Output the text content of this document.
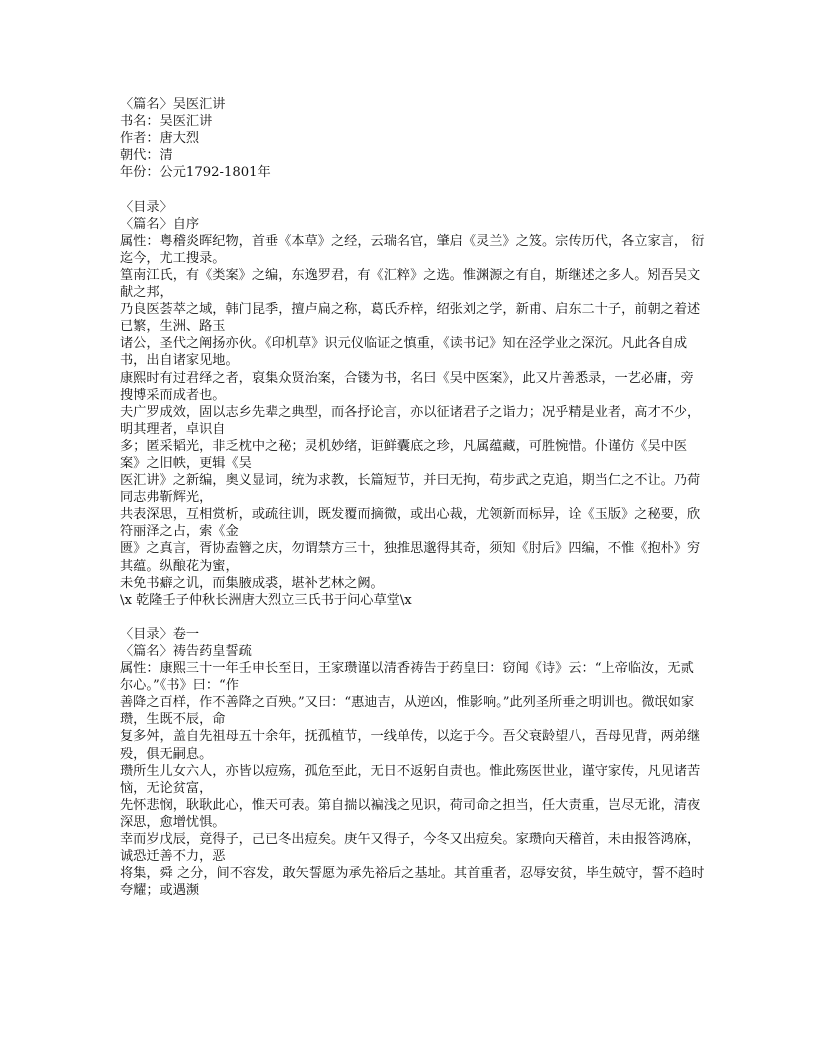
〈篇名〉吴医汇讲

书名：吴医汇讲

作者：唐大烈

朝代：清

年份：公元1792-1801年

〈目录〉

〈篇名〉自序

属性：粤稽炎晖纪物，首垂《本草》之经，云瑞名官，肇启《灵兰》之笈。宗传历代，各立家言， 衍迄今，尤工搜录。

篁南江氏，有《类案》之编，东逸罗君，有《汇粹》之选。惟渊源之有自，斯继述之多人。矧吾吴文献之邦，

乃良医荟萃之域，韩门昆季，擅卢扁之称，葛氏乔梓，绍张刘之学，新甫、启东二十子，前朝之着述已繁，生洲、路玉

诸公，圣代之阐扬亦伙。《印机草》识元仪临证之慎重，《读书记》知在泾学业之深沉。凡此各自成书，出自诸家见地。

康熙时有过君绎之者，裒集众贤治案，合镂为书，名曰《吴中医案》，此又片善悉录，一艺必庸，旁搜博采而成者也。

夫广罗成效，固以志乡先辈之典型，而各抒论言，亦以征诸君子之诣力；况乎精是业者，高才不少，明其理者，卓识自

多；匿采韬光，非乏枕中之秘；灵机妙绪，讵鲜囊底之珍，凡属蕴藏，可胜惋惜。仆谨仿《吴中医案》之旧帙，更辑《吴

医汇讲》之新编，奥义显词，统为求教，长篇短节，并曰无拘，苟步武之克追，期当仁之不让。乃荷同志弗靳辉光，

共表深思，互相赏析，或疏往训，既发覆而摘微，或出心裁，尤领新而标异，诠《玉版》之秘要，欣符丽泽之占，索《金

匮》之真言，胥协盍簪之庆，勿谓禁方三十，独推思邈得其奇，须知《肘后》四编，不惟《抱朴》穷其蕴。纵酿花为蜜，

未免书癖之讥，而集腋成裘，堪补艺林之阙。

\x 乾隆壬子仲秋长洲唐大烈立三氏书于问心草堂\x

〈目录〉卷一

〈篇名〉祷告药皇誓疏

属性：康熙三十一年壬申长至日，王家瓒谨以清香祷告于药皇曰：窃闻《诗》云：“上帝临汝，无贰尔心。”《书》曰：“作

善降之百样，作不善降之百殃。”又曰：“惠迪吉，从逆凶，惟影响。”此列圣所垂之明训也。微氓如家瓒，生既不辰，命

复多舛，盖自先祖母五十余年，抚孤植节，一线单传，以迄于今。吾父衰龄望八，吾母见背，两弟继殁，俱无嗣息。

瓒所生儿女六人，亦皆以痘殇，孤危至此，无日不返躬自责也。惟此殇医世业，谨守家传，凡见诸苦恼，无论贫富，

先怀悲悯，耿耿此心，惟天可表。第自揣以褊浅之见识，荷司命之担当，任大责重，岂尽无讹，清夜深思，愈增忧惧。

幸而岁戊辰，竟得子，己已冬出痘矣。庚午又得子，今冬又出痘矣。家瓒向天稽首，未由报答鸿庥，诚恐迁善不力，恶

将集，舜 之分，间不容发，敢矢誓愿为承先裕后之基址。其首重者，忍辱安贫，毕生兢守，誓不趋时夸耀；或遇濒
